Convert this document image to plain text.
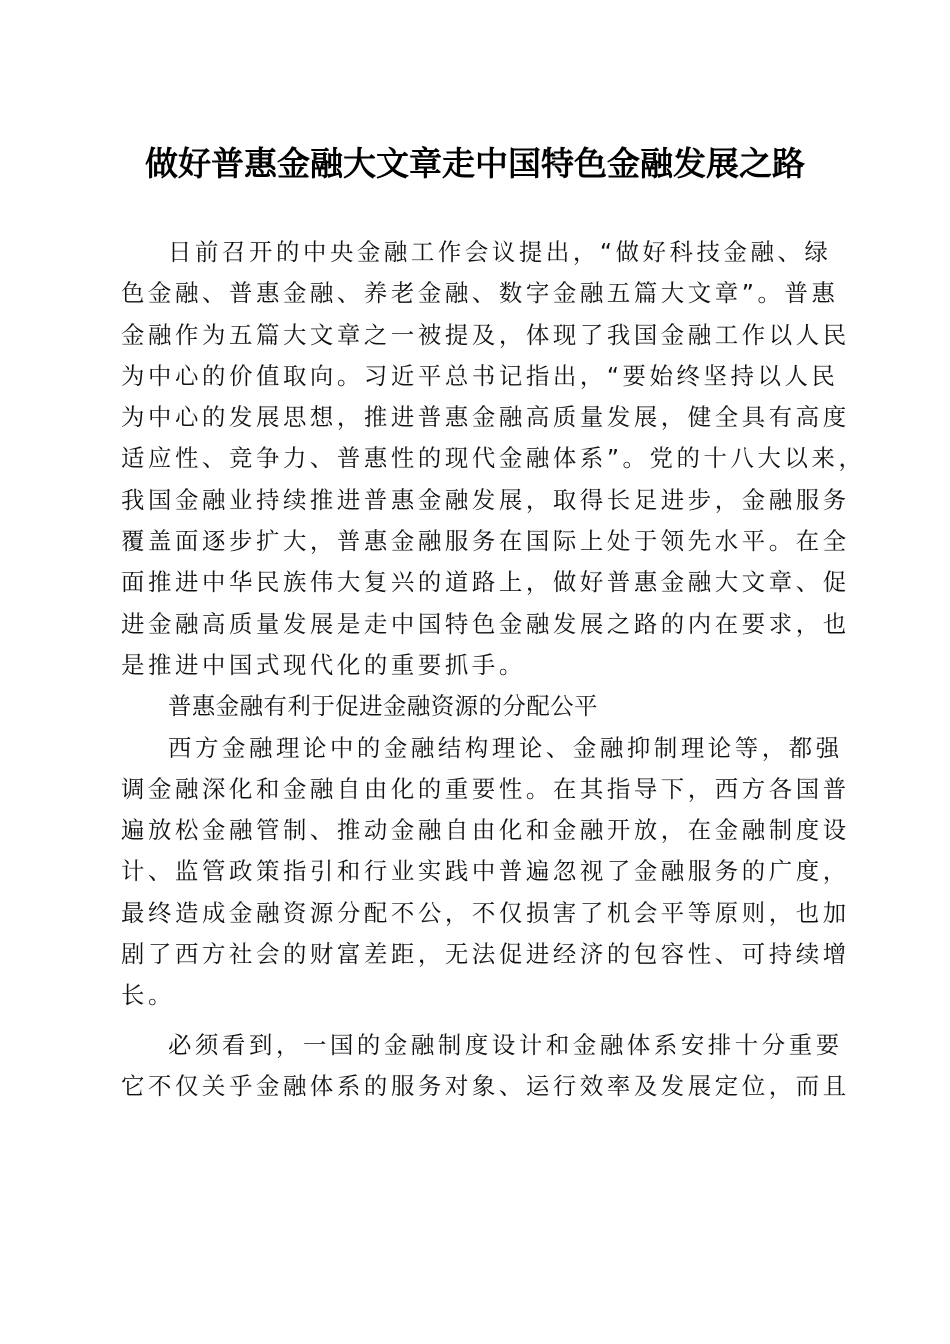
做好普惠金融大文章走中国特色金融发展之路
日前召开的中央金融工作会议提出，“做好科技金融、绿
色金融、普惠金融、养老金融、数字金融五篇大文章”。普惠
金融作为五篇大文章之一被提及，体现了我国金融工作以人民
为中心的价值取向。习近平总书记指出，“要始终坚持以人民
为中心的发展思想，推进普惠金融高质量发展，健全具有高度
适应性、竞争力、普惠性的现代金融体系”。党的十八大以来，
我国金融业持续推进普惠金融发展，取得长足进步，金融服务
覆盖面逐步扩大，普惠金融服务在国际上处于领先水平。在全
面推进中华民族伟大复兴的道路上，做好普惠金融大文章、促
进金融高质量发展是走中国特色金融发展之路的内在要求，也
是推进中国式现代化的重要抓手。
普惠金融有利于促进金融资源的分配公平
西方金融理论中的金融结构理论、金融抑制理论等，都强
调金融深化和金融自由化的重要性。在其指导下，西方各国普
遍放松金融管制、推动金融自由化和金融开放，在金融制度设
计、监管政策指引和行业实践中普遍忽视了金融服务的广度，
最终造成金融资源分配不公，不仅损害了机会平等原则，也加
剧了西方社会的财富差距，无法促进经济的包容性、可持续增
长。
必须看到，一国的金融制度设计和金融体系安排十分重要
它不仅关乎金融体系的服务对象、运行效率及发展定位，而且
